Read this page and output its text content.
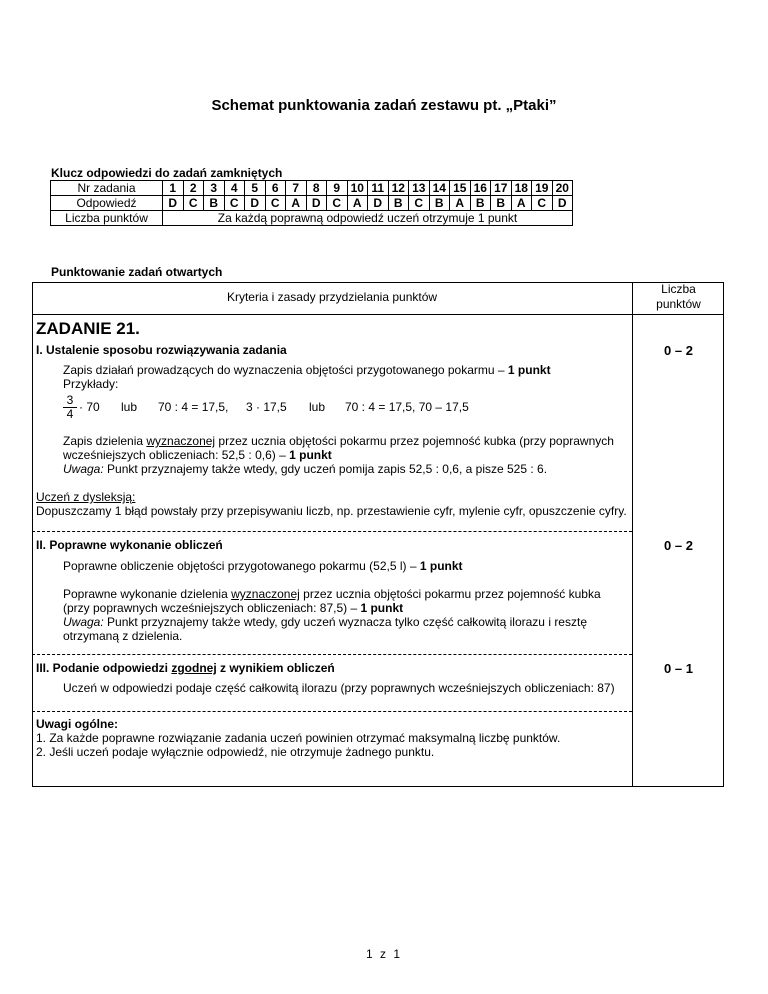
Schemat punktowania zadań zestawu pt. „Ptaki”
Klucz odpowiedzi do zadań zamkniętych
Nr zadania	1	2	3	4	5	6	7	8	9	10	11	12	13	14	15	16	17	18	19	20
Odpowiedź	D	C	B	C	D	C	A	D	C	A	D	B	C	B	A	B	B	A	C	D
Liczba punktów	Za każdą poprawną odpowiedź uczeń otrzymuje 1 punkt																			
Punktowanie zadań otwartych
Kryteria i zasady przydzielania punktów
Liczba
punktów
ZADANIE 21.
I. Ustalenie sposobu rozwiązywania zadania	0 – 2
Zapis działań prowadzących do wyznaczenia objętości przygotowanego pokarmu – 1 punkt
Przykłady:
$\frac{3}{4} \cdot 70$ lub 70 : 4 = 17,5, 3 · 17,5 lub 70 : 4 = 17,5, 70 – 17,5
Zapis dzielenia wyznaczonej przez ucznia objętości pokarmu przez pojemność kubka (przy poprawnych wcześniejszych obliczeniach: 52,5 : 0,6) – 1 punkt
Uwaga: Punkt przyznajemy także wtedy, gdy uczeń pomija zapis 52,5 : 0,6, a pisze 525 : 6.
Uczeń z dysleksją:
Dopuszczamy 1 błąd powstały przy przepisywaniu liczb, np. przestawienie cyfr, mylenie cyfr, opuszczenie cyfry.
II. Poprawne wykonanie obliczeń	0 – 2
Poprawne obliczenie objętości przygotowanego pokarmu (52,5 l) – 1 punkt
Poprawne wykonanie dzielenia wyznaczonej przez ucznia objętości pokarmu przez pojemność kubka (przy poprawnych wcześniejszych obliczeniach: 87,5) – 1 punkt
Uwaga: Punkt przyznajemy także wtedy, gdy uczeń wyznacza tylko część całkowitą ilorazu i resztę otrzymaną z dzielenia.
III. Podanie odpowiedzi zgodnej z wynikiem obliczeń	0 – 1
Uczeń w odpowiedzi podaje część całkowitą ilorazu (przy poprawnych wcześniejszych obliczeniach: 87)
Uwagi ogólne:
1. Za każde poprawne rozwiązanie zadania uczeń powinien otrzymać maksymalną liczbę punktów.
2. Jeśli uczeń podaje wyłącznie odpowiedź, nie otrzymuje żadnego punktu.
1 z 1
